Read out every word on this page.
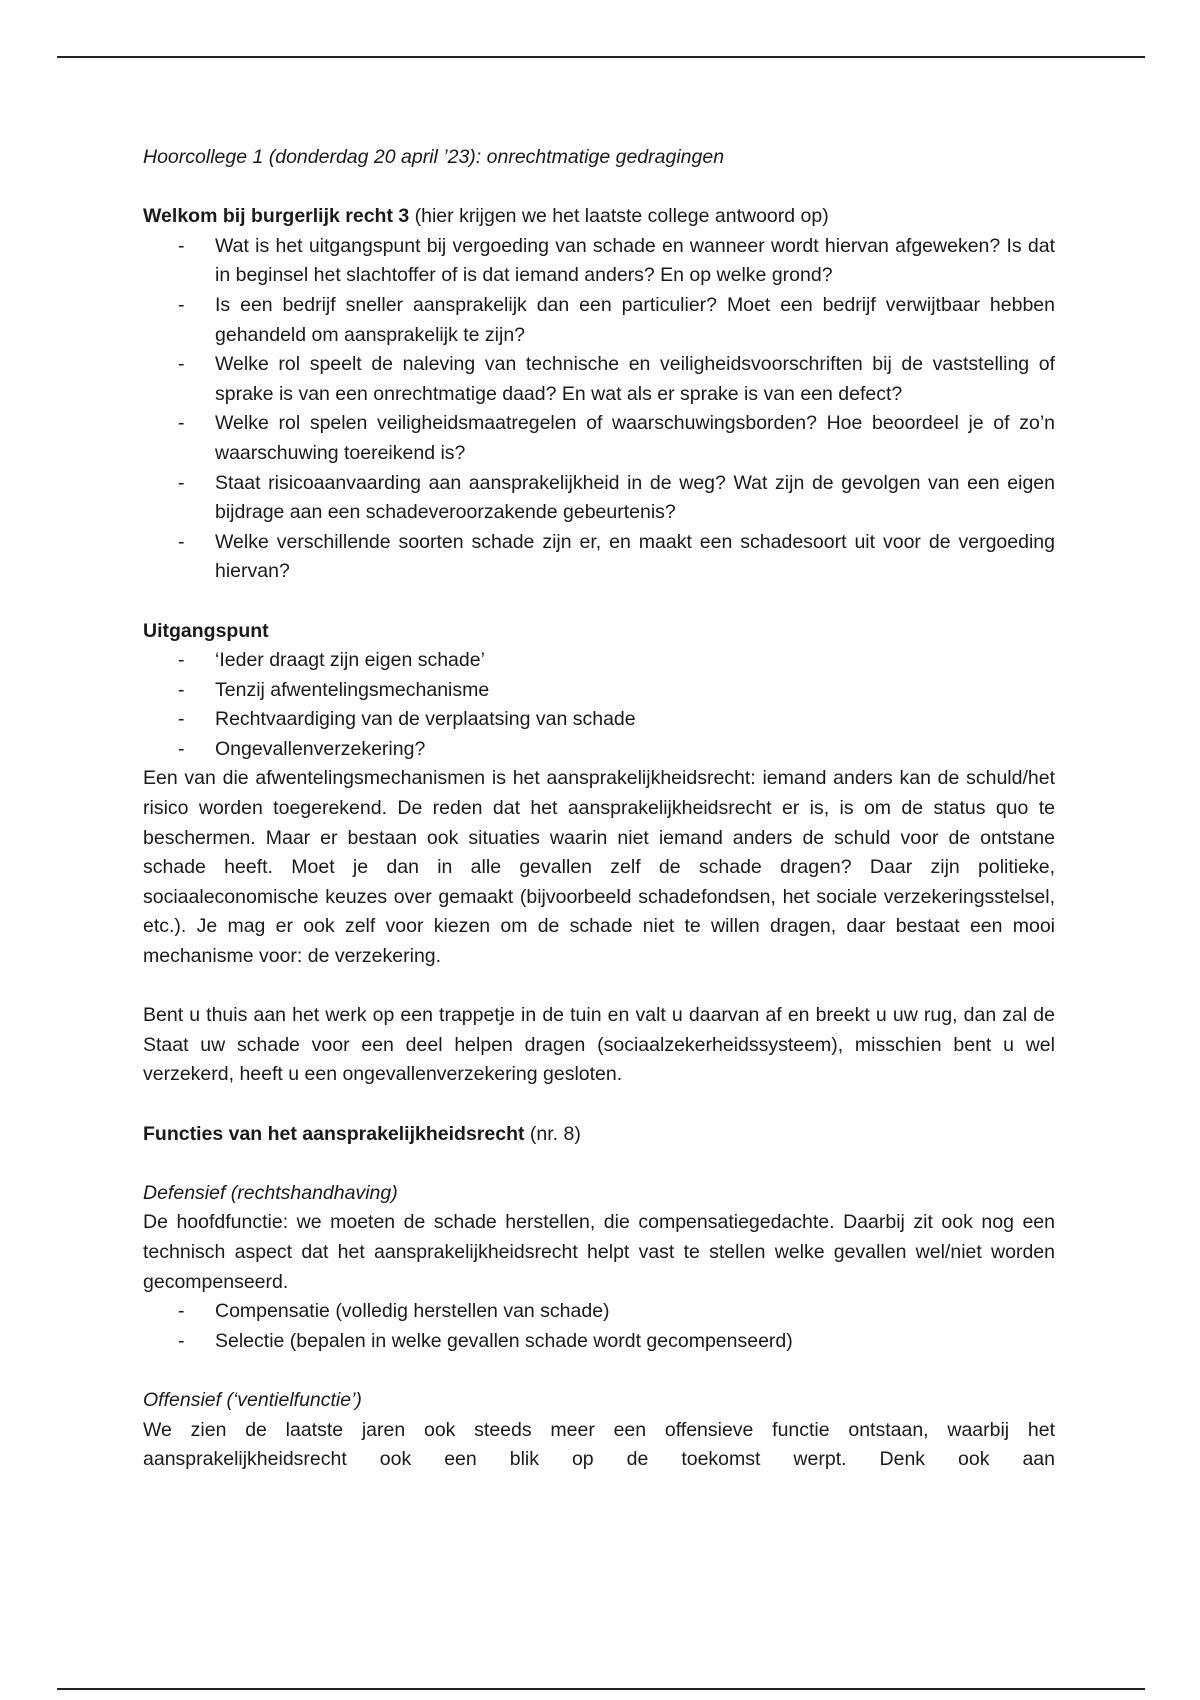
Hoorcollege 1 (donderdag 20 april ’23): onrechtmatige gedragingen

Welkom bij burgerlijk recht 3 (hier krijgen we het laatste college antwoord op)

- Wat is het uitgangspunt bij vergoeding van schade en wanneer wordt hiervan afgeweken? Is dat in beginsel het slachtoffer of is dat iemand anders? En op welke grond?
- Is een bedrijf sneller aansprakelijk dan een particulier? Moet een bedrijf verwijtbaar hebben gehandeld om aansprakelijk te zijn?
- Welke rol speelt de naleving van technische en veiligheidsvoorschriften bij de vaststelling of sprake is van een onrechtmatige daad? En wat als er sprake is van een defect?
- Welke rol spelen veiligheidsmaatregelen of waarschuwingsborden? Hoe beoordeel je of zo’n waarschuwing toereikend is?
- Staat risicoaanvaarding aan aansprakelijkheid in de weg? Wat zijn de gevolgen van een eigen bijdrage aan een schadeveroorzakende gebeurtenis?
- Welke verschillende soorten schade zijn er, en maakt een schadesoort uit voor de vergoeding hiervan?

Uitgangspunt

- ‘Ieder draagt zijn eigen schade’
- Tenzij afwentelingsmechanisme
- Rechtvaardiging van de verplaatsing van schade
- Ongevallenverzekering?

Een van die afwentelingsmechanismen is het aansprakelijkheidsrecht: iemand anders kan de schuld/het risico worden toegerekend. De reden dat het aansprakelijkheidsrecht er is, is om de status quo te beschermen. Maar er bestaan ook situaties waarin niet iemand anders de schuld voor de ontstane schade heeft. Moet je dan in alle gevallen zelf de schade dragen? Daar zijn politieke, sociaaleconomische keuzes over gemaakt (bijvoorbeeld schadefondsen, het sociale verzekeringsstelsel, etc.). Je mag er ook zelf voor kiezen om de schade niet te willen dragen, daar bestaat een mooi mechanisme voor: de verzekering.

Bent u thuis aan het werk op een trappetje in de tuin en valt u daarvan af en breekt u uw rug, dan zal de Staat uw schade voor een deel helpen dragen (sociaalzekerheidssysteem), misschien bent u wel verzekerd, heeft u een ongevallenverzekering gesloten.

Functies van het aansprakelijkheidsrecht (nr. 8)

Defensief (rechtshandhaving)

De hoofdfunctie: we moeten de schade herstellen, die compensatiegedachte. Daarbij zit ook nog een technisch aspect dat het aansprakelijkheidsrecht helpt vast te stellen welke gevallen wel/niet worden gecompenseerd.

- Compensatie (volledig herstellen van schade)
- Selectie (bepalen in welke gevallen schade wordt gecompenseerd)

Offensief (‘ventielfunctie’)

We zien de laatste jaren ook steeds meer een offensieve functie ontstaan, waarbij het aansprakelijkheidsrecht ook een blik op de toekomst werpt. Denk ook aan
